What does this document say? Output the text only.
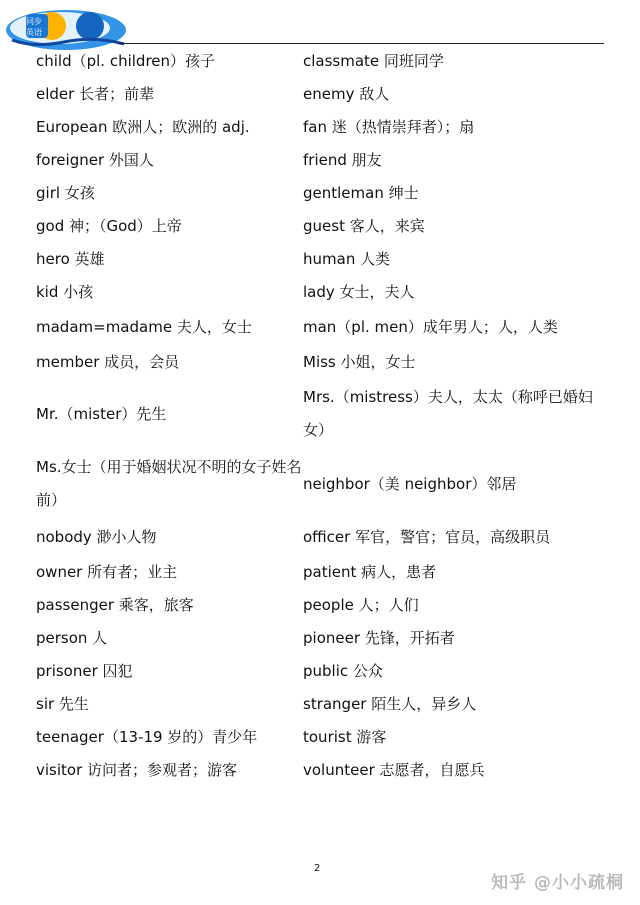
同步
英语
child（pl. children）孩子	classmate 同班同学

elder 长者；前辈	enemy 敌人

European 欧洲人；欧洲的 adj.	fan 迷（热情崇拜者）；扇

foreigner 外国人	friend 朋友

girl 女孩	gentleman 绅士

god 神；（God）上帝	guest 客人，来宾

hero 英雄	human 人类

kid 小孩	lady 女士，夫人

madam=madame 夫人，女士	man（pl. men）成年男人；人，人类

member 成员，会员	Miss 小姐，女士

Mr.（mister）先生	Mrs.（mistress）夫人，太太（称呼已婚妇女）

Ms.女士（用于婚姻状况不明的女子姓名前）	neighbor（美 neighbor）邻居

nobody 渺小人物	officer 军官，警官；官员，高级职员

owner 所有者；业主	patient 病人，患者

passenger 乘客，旅客	people 人；人们

person 人	pioneer 先锋，开拓者

prisoner 囚犯	public 公众

sir 先生	stranger 陌生人，异乡人

teenager（13-19 岁的）青少年	tourist 游客

visitor 访问者；参观者；游客	volunteer 志愿者，自愿兵
2
知乎 @小小疏桐
